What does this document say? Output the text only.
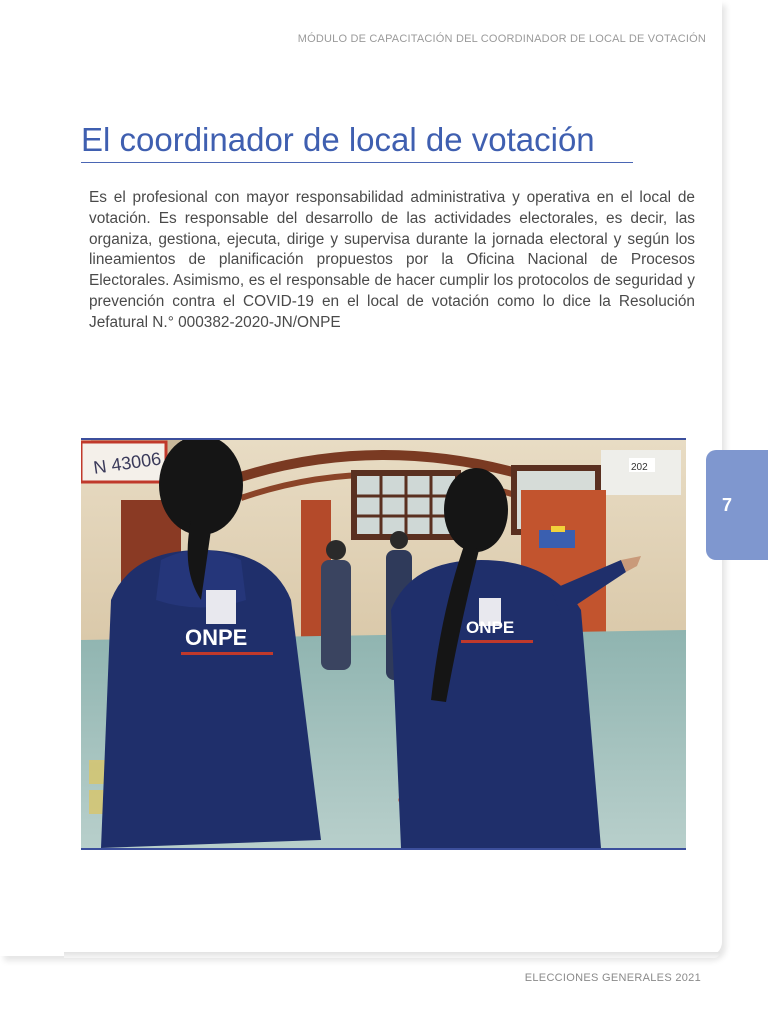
MÓDULO DE CAPACITACIÓN DEL COORDINADOR DE LOCAL DE VOTACIÓN
El coordinador de local de votación

Es el profesional con mayor responsabilidad administrativa y operativa en el local de votación. Es responsable del desarrollo de las actividades electorales, es decir, las organiza, gestiona, ejecuta, dirige y supervisa durante la jornada electoral y según los lineamientos de planificación propuestos por la Oficina Nacional de Procesos Electorales. Asimismo, es el responsable de hacer cumplir los protocolos de seguridad y prevención contra el COVID-19 en el local de votación como lo dice la Resolución Jefatural N.° 000382-2020-JN/ONPE

N 43006	202
ONPE	ONPE
7
ELECCIONES GENERALES 2021
